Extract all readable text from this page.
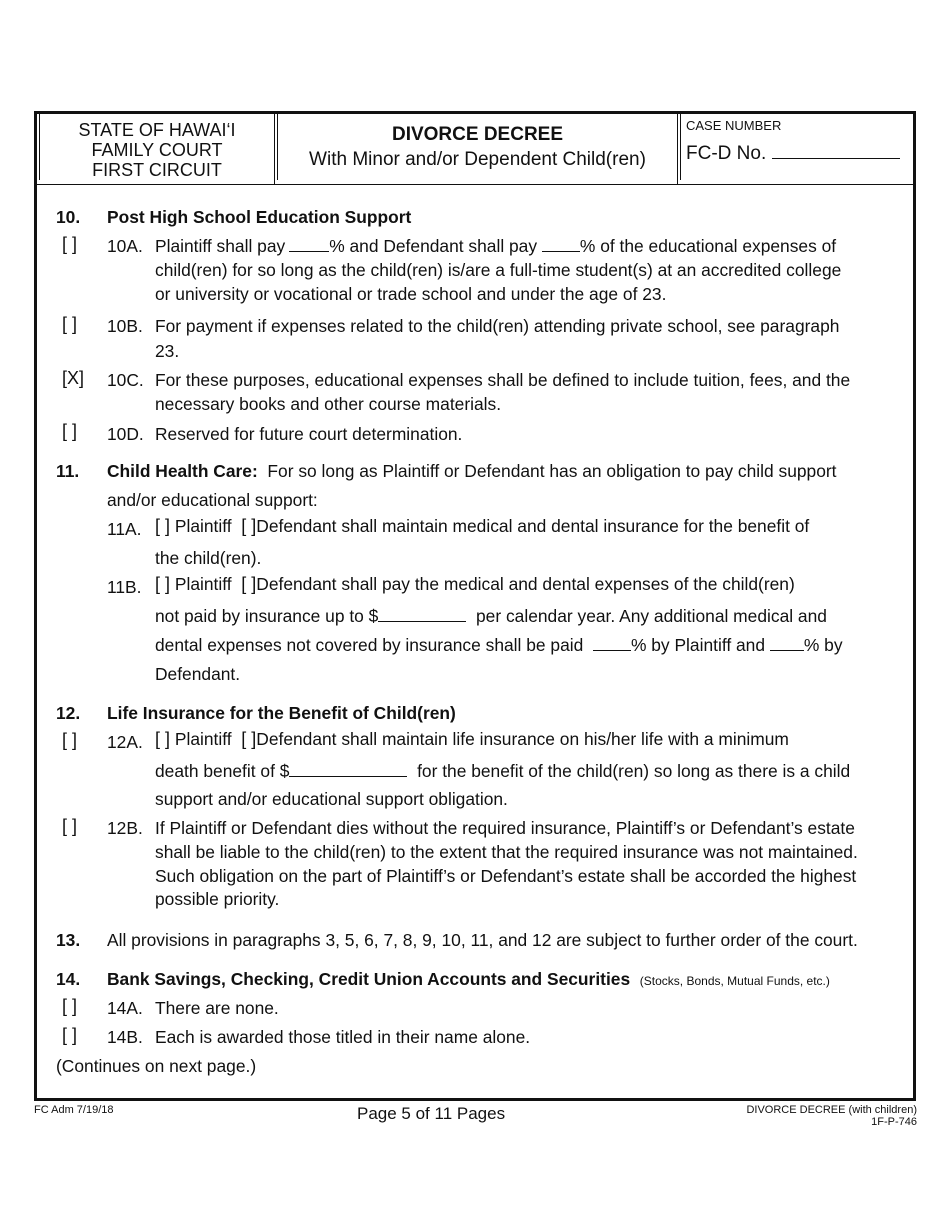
STATE OF HAWAI‘I
FAMILY COURT
FIRST CIRCUIT
DIVORCE DECREE
With Minor and/or Dependent Child(ren)
CASE NUMBER
FC-D No.
10. Post High School Education Support
[ ] 10A. Plaintiff shall pay	% and Defendant shall pay % of the educational expenses of
child(ren) for so long as the child(ren) is/are a full-time student(s) at an accredited college
or university or vocational or trade school and under the age of 23.
[ ] 10B. For payment if expenses related to the child(ren) attending private school, see paragraph
23.
[X] 10C. For these purposes, educational expenses shall be defined to include tuition, fees, and the
necessary books and other course materials.
[ ] 10D. Reserved for future court determination.
11. Child Health Care: For so long as Plaintiff or Defendant has an obligation to pay child support
and/or educational support:
11A. [ ] Plaintiff [ ]Defendant shall maintain medical and dental insurance for the benefit of
the child(ren).
11B. [ ] Plaintiff [ ]Defendant shall pay the medical and dental expenses of the child(ren)
not paid by insurance up to $	per calendar year. Any additional medical and
dental expenses not covered by insurance shall be paid	% by Plaintiff and % by
Defendant.
12. Life Insurance for the Benefit of Child(ren)
[ ] 12A. [ ] Plaintiff [ ]Defendant shall maintain life insurance on his/her life with a minimum
death benefit of $	for the benefit of the child(ren) so long as there is a child
support and/or educational support obligation.
[ ] 12B. If Plaintiff or Defendant dies without the required insurance, Plaintiff’s or Defendant’s estate
shall be liable to the child(ren) to the extent that the required insurance was not maintained.
Such obligation on the part of Plaintiff’s or Defendant’s estate shall be accorded the highest
possible priority.
13. All provisions in paragraphs 3, 5, 6, 7, 8, 9, 10, 11, and 12 are subject to further order of the court.
14. Bank Savings, Checking, Credit Union Accounts and Securities (Stocks, Bonds, Mutual Funds, etc.)
[ ] 14A. There are none.
[ ] 14B. Each is awarded those titled in their name alone.
(Continues on next page.)
FC Adm 7/19/18	Page 5 of 11 Pages	DIVORCE DECREE (with children)
1F-P-746
